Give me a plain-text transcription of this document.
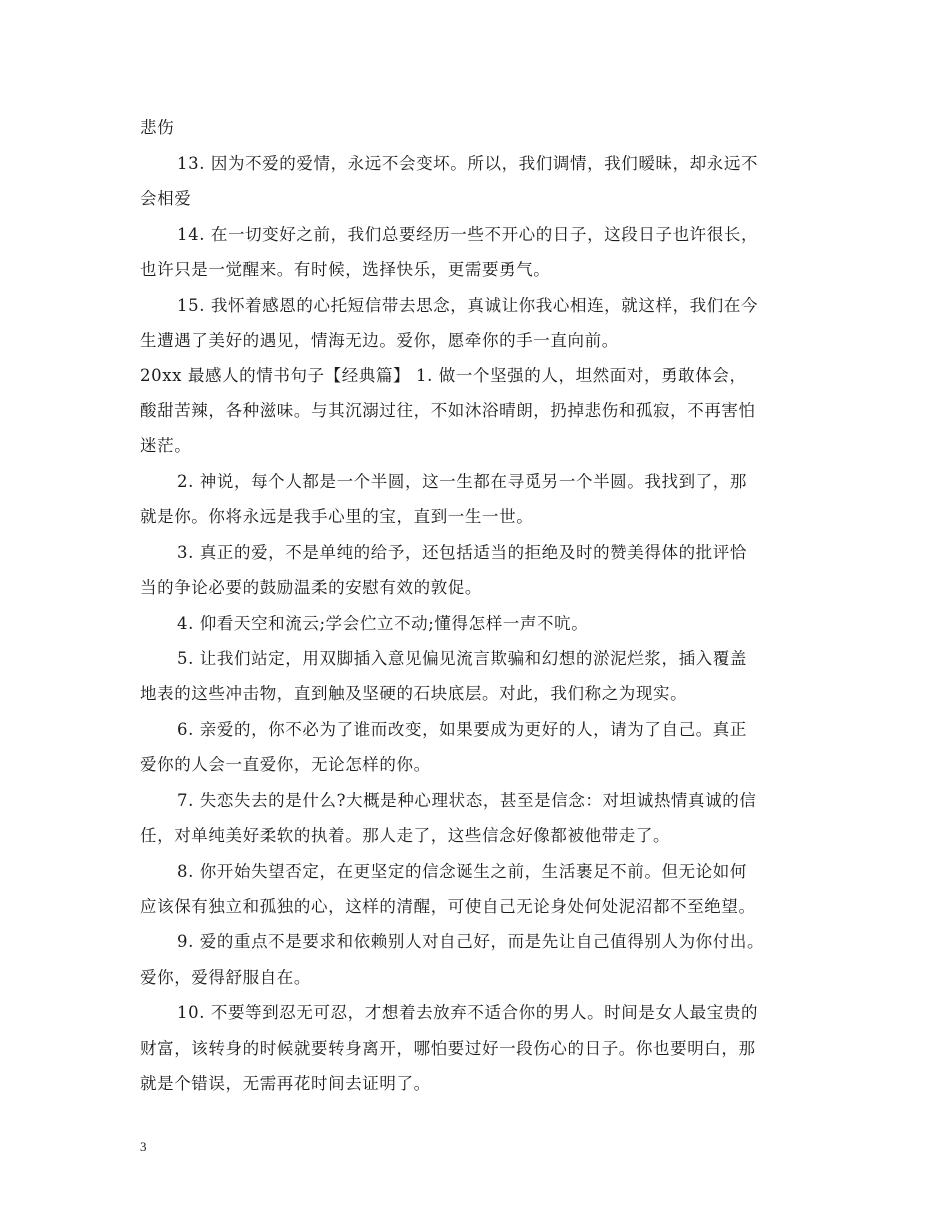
悲伤
13. 因为不爱的爱情，永远不会变坏。所以，我们调情，我们暧昧，却永远不
会相爱
14. 在一切变好之前，我们总要经历一些不开心的日子，这段日子也许很长，
也许只是一觉醒来。有时候，选择快乐，更需要勇气。
15. 我怀着感恩的心托短信带去思念，真诚让你我心相连，就这样，我们在今
生遭遇了美好的遇见，情海无边。爱你，愿牵你的手一直向前。
20xx 最感人的情书句子【经典篇】 1. 做一个坚强的人，坦然面对，勇敢体会，
酸甜苦辣，各种滋味。与其沉溺过往，不如沐浴晴朗，扔掉悲伤和孤寂，不再害怕
迷茫。
2. 神说，每个人都是一个半圆，这一生都在寻觅另一个半圆。我找到了，那
就是你。你将永远是我手心里的宝，直到一生一世。
3. 真正的爱，不是单纯的给予，还包括适当的拒绝及时的赞美得体的批评恰
当的争论必要的鼓励温柔的安慰有效的敦促。
4. 仰看天空和流云;学会伫立不动;懂得怎样一声不吭。
5. 让我们站定，用双脚插入意见偏见流言欺骗和幻想的淤泥烂浆，插入覆盖
地表的这些冲击物，直到触及坚硬的石块底层。对此，我们称之为现实。
6. 亲爱的，你不必为了谁而改变，如果要成为更好的人，请为了自己。真正
爱你的人会一直爱你，无论怎样的你。
7. 失恋失去的是什么?大概是种心理状态，甚至是信念：对坦诚热情真诚的信
任，对单纯美好柔软的执着。那人走了，这些信念好像都被他带走了。
8. 你开始失望否定，在更坚定的信念诞生之前，生活裹足不前。但无论如何
应该保有独立和孤独的心，这样的清醒，可使自己无论身处何处泥沼都不至绝望。
9. 爱的重点不是要求和依赖别人对自己好，而是先让自己值得别人为你付出。
爱你，爱得舒服自在。
10. 不要等到忍无可忍，才想着去放弃不适合你的男人。时间是女人最宝贵的
财富，该转身的时候就要转身离开，哪怕要过好一段伤心的日子。你也要明白，那
就是个错误，无需再花时间去证明了。
3
